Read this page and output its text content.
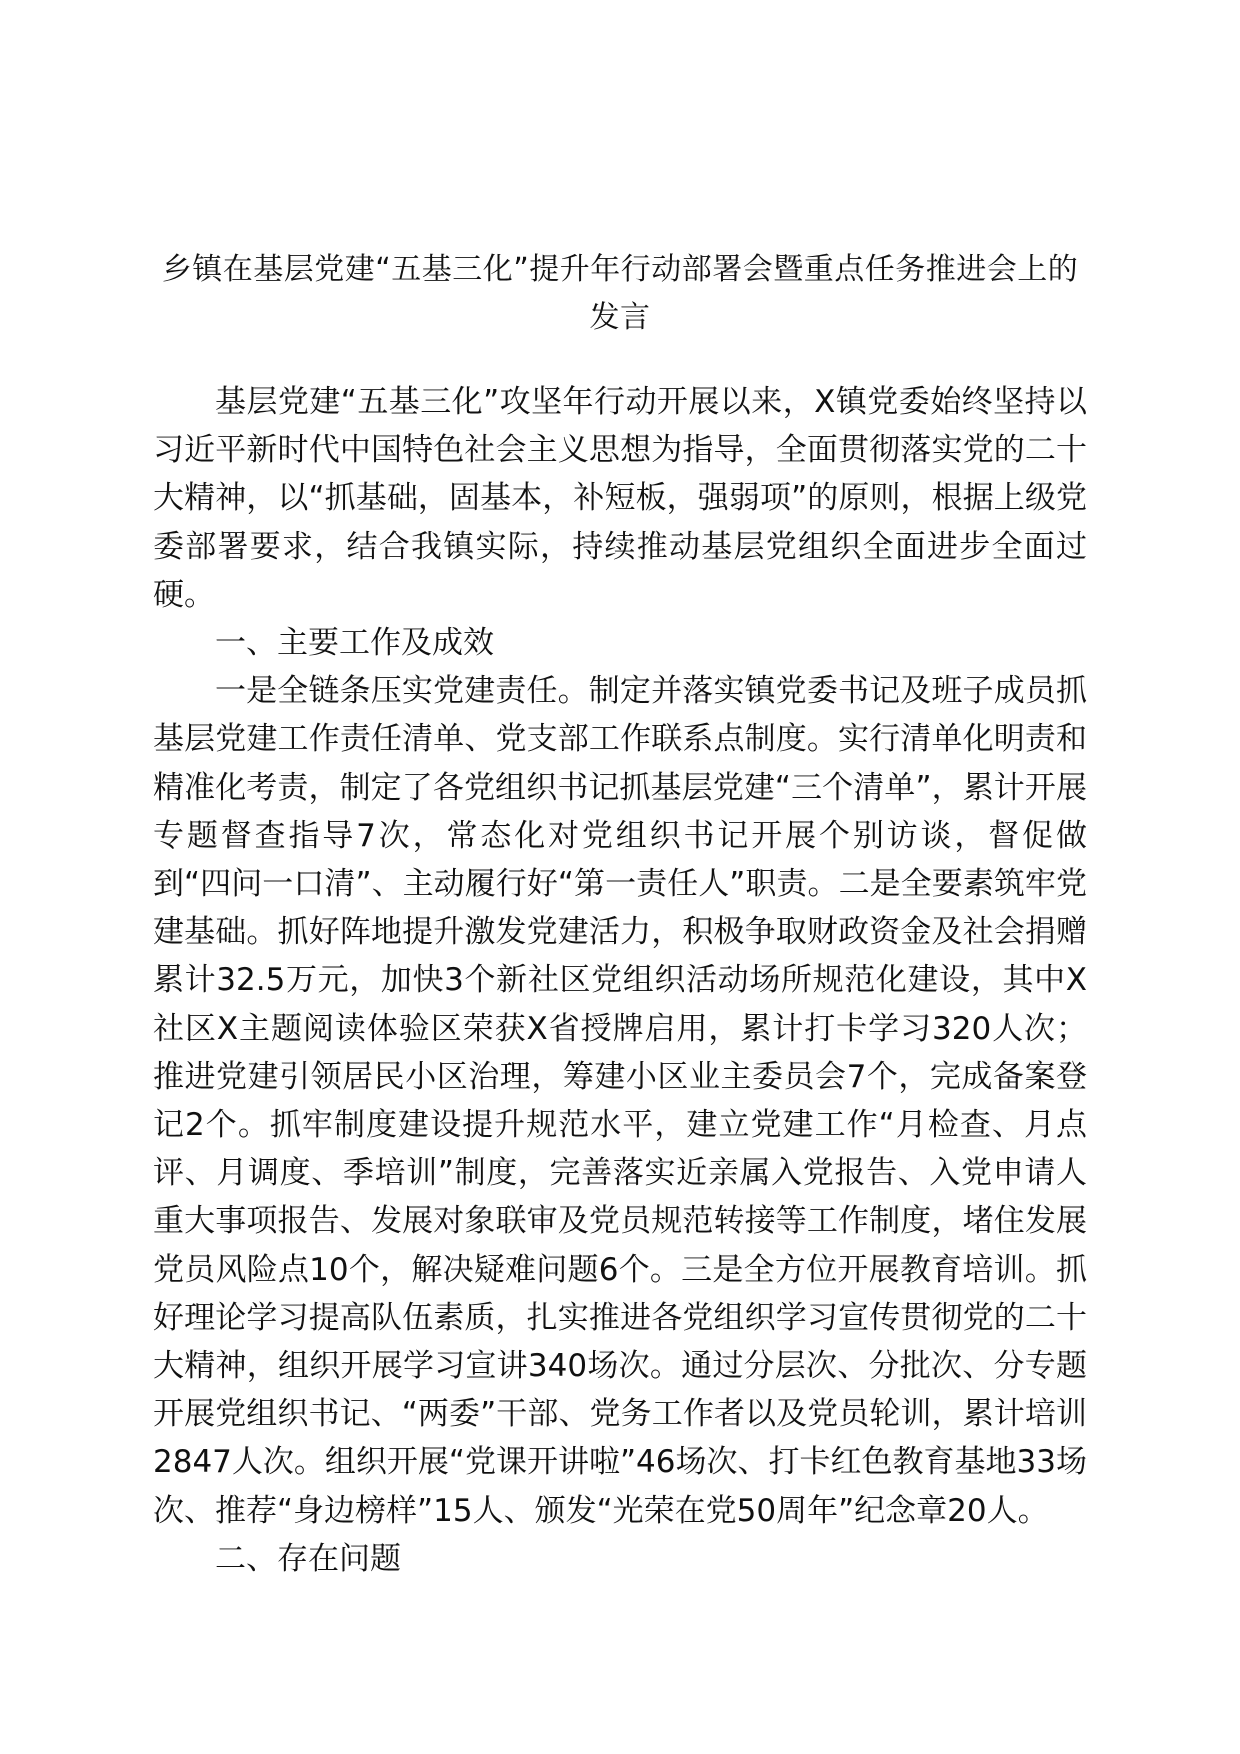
乡镇在基层党建“五基三化”提升年行动部署会暨重点任务推进会上的发言

基层党建“五基三化”攻坚年行动开展以来，X镇党委始终坚持以习近平新时代中国特色社会主义思想为指导，全面贯彻落实党的二十大精神，以“抓基础，固基本，补短板，强弱项”的原则，根据上级党委部署要求，结合我镇实际，持续推动基层党组织全面进步全面过硬。

一、主要工作及成效

一是全链条压实党建责任。制定并落实镇党委书记及班子成员抓基层党建工作责任清单、党支部工作联系点制度。实行清单化明责和精准化考责，制定了各党组织书记抓基层党建“三个清单”，累计开展专题督查指导7次，常态化对党组织书记开展个别访谈，督促做到“四问一口清”、主动履行好“第一责任人”职责。二是全要素筑牢党建基础。抓好阵地提升激发党建活力，积极争取财政资金及社会捐赠累计32.5万元，加快3个新社区党组织活动场所规范化建设，其中X社区X主题阅读体验区荣获X省授牌启用，累计打卡学习320人次；推进党建引领居民小区治理，筹建小区业主委员会7个，完成备案登记2个。抓牢制度建设提升规范水平，建立党建工作“月检查、月点评、月调度、季培训”制度，完善落实近亲属入党报告、入党申请人重大事项报告、发展对象联审及党员规范转接等工作制度，堵住发展党员风险点10个，解决疑难问题6个。三是全方位开展教育培训。抓好理论学习提高队伍素质，扎实推进各党组织学习宣传贯彻党的二十大精神，组织开展学习宣讲340场次。通过分层次、分批次、分专题开展党组织书记、“两委”干部、党务工作者以及党员轮训，累计培训2847人次。组织开展“党课开讲啦”46场次、打卡红色教育基地33场次、推荐“身边榜样”15人、颁发“光荣在党50周年”纪念章20人。

二、存在问题
